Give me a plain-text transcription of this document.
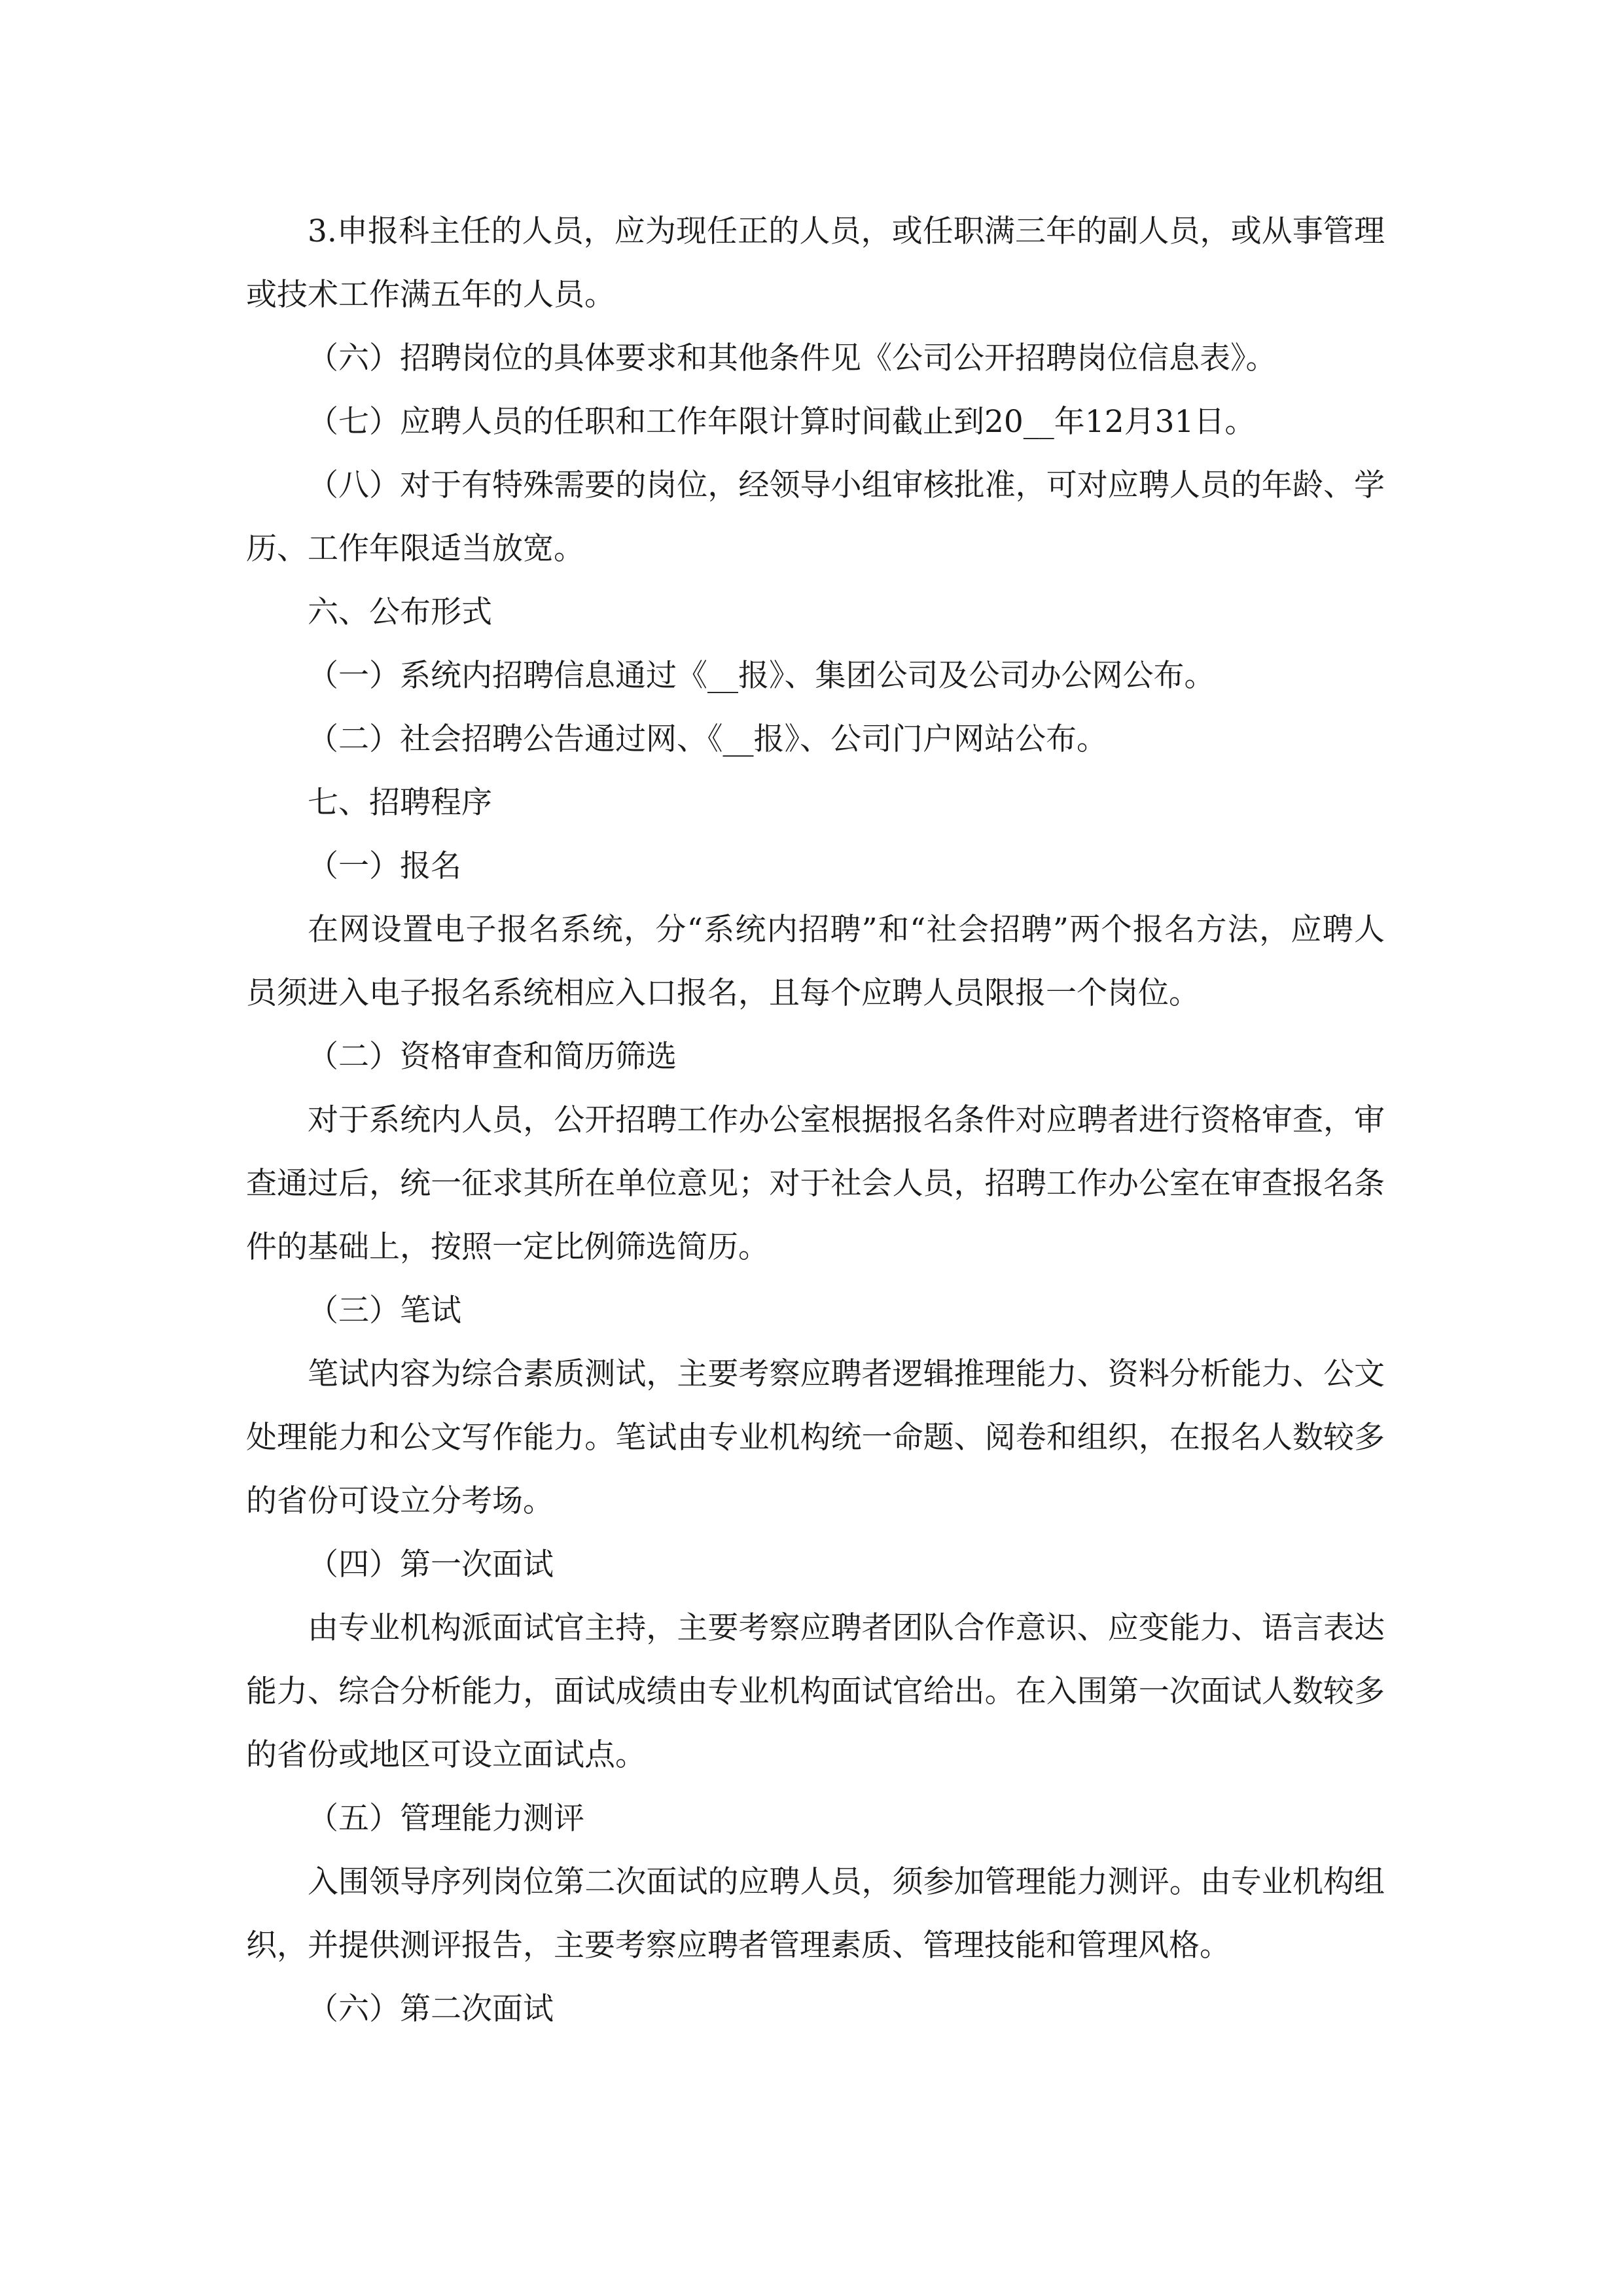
3.申报科主任的人员，应为现任正的人员，或任职满三年的副人员，或从事管理或技术工作满五年的人员。

（六）招聘岗位的具体要求和其他条件见《公司公开招聘岗位信息表》。

（七）应聘人员的任职和工作年限计算时间截止到20__年12月31日。

（八）对于有特殊需要的岗位，经领导小组审核批准，可对应聘人员的年龄、学历、工作年限适当放宽。

六、公布形式

（一）系统内招聘信息通过《__报》、集团公司及公司办公网公布。

（二）社会招聘公告通过网、《__报》、公司门户网站公布。

七、招聘程序

（一）报名

在网设置电子报名系统，分“系统内招聘”和“社会招聘”两个报名方法，应聘人员须进入电子报名系统相应入口报名，且每个应聘人员限报一个岗位。

（二）资格审查和简历筛选

对于系统内人员，公开招聘工作办公室根据报名条件对应聘者进行资格审查，审查通过后，统一征求其所在单位意见；对于社会人员，招聘工作办公室在审查报名条件的基础上，按照一定比例筛选简历。

（三）笔试

笔试内容为综合素质测试，主要考察应聘者逻辑推理能力、资料分析能力、公文处理能力和公文写作能力。笔试由专业机构统一命题、阅卷和组织，在报名人数较多的省份可设立分考场。

（四）第一次面试

由专业机构派面试官主持，主要考察应聘者团队合作意识、应变能力、语言表达能力、综合分析能力，面试成绩由专业机构面试官给出。在入围第一次面试人数较多的省份或地区可设立面试点。

（五）管理能力测评

入围领导序列岗位第二次面试的应聘人员，须参加管理能力测评。由专业机构组织，并提供测评报告，主要考察应聘者管理素质、管理技能和管理风格。

（六）第二次面试
